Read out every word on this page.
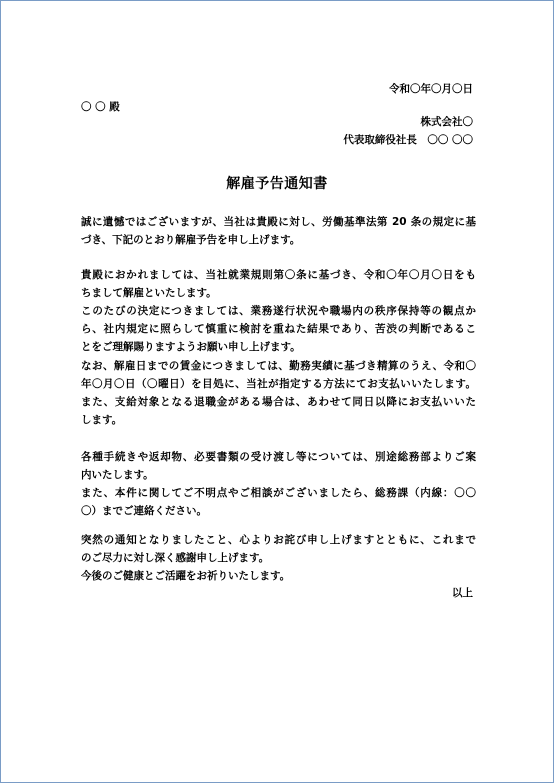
令和〇年〇月〇日
〇 〇 殿
株式会社〇
代表取締役社長　〇〇 〇〇
解雇予告通知書
誠に遺憾ではございますが、当社は貴殿に対し、労働基準法第 20 条の規定に基
づき、下記のとおり解雇予告を申し上げます。
貴殿におかれましては、当社就業規則第〇条に基づき、令和〇年〇月〇日をも
ちまして解雇といたします。
このたびの決定につきましては、業務遂行状況や職場内の秩序保持等の観点か
ら、社内規定に照らして慎重に検討を重ねた結果であり、苦渋の判断であるこ
とをご理解賜りますようお願い申し上げます。
なお、解雇日までの賃金につきましては、勤務実績に基づき精算のうえ、令和〇
年〇月〇日（〇曜日）を目処に、当社が指定する方法にてお支払いいたします。
また、支給対象となる退職金がある場合は、あわせて同日以降にお支払いいた
します。
各種手続きや返却物、必要書類の受け渡し等については、別途総務部よりご案
内いたします。
また、本件に関してご不明点やご相談がございましたら、総務課（内線：〇〇
〇）までご連絡ください。
突然の通知となりましたこと、心よりお詫び申し上げますとともに、これまで
のご尽力に対し深く感謝申し上げます。
今後のご健康とご活躍をお祈りいたします。
以上
